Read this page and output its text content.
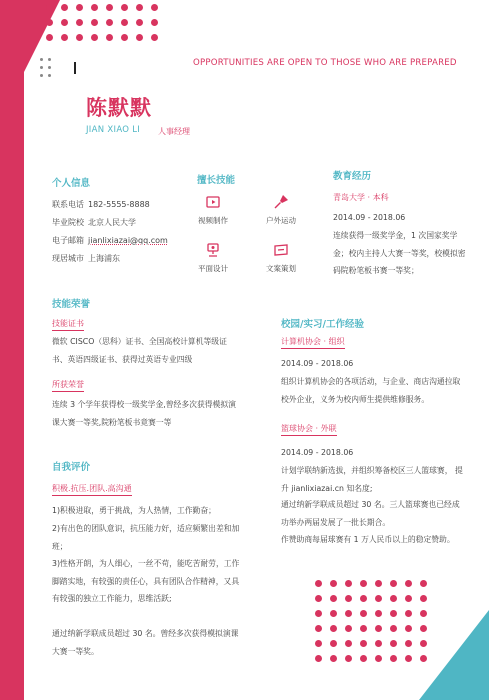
OPPORTUNITIES ARE OPEN TO THOSE WHO ARE PREPARED
陈默默
JIAN XIAO LI 人事经理
个人信息
联系电话 182-5555-8888
毕业院校 北京人民大学
电子邮箱 jianlixiazai@qq.com
现居城市 上海浦东
擅长技能
视频制作	户外运动
平面设计	文案策划
教育经历
青岛大学 · 本科
2014.09 - 2018.06
连续获得一级奖学金，1 次国家奖学金；校内主持人大赛一等奖，校模拟密码院粉笔板书赛一等奖；
技能荣誉
技能证书
微软 CISCO（思科）证书、全国高校计算机等级证书、英语四级证书、获得过英语专业四级
所获荣誉
连续 3 个学年获得校一级奖学金,曾经多次获得模拟演课大赛一等奖,院粉笔板书竟赛一等
自我评价
积极.抗压.团队.高沟通
1)积极进取，勇于挑战，为人热情，工作勤奋；
2)有出色的团队意识，抗压能力好，适应频繁出差和加班；
3)性格开朗，为人细心，一丝不苟，能吃苦耐劳，工作脚踏实地，有较强的责任心，具有团队合作精神，又具有较强的独立工作能力，思维活跃;
通过纳新学联成员超过 30 名。曾经多次获得模拟演课大赛一等奖。
校园/实习/工作经验
计算机协会 · 组织
2014.09 - 2018.06
组织计算机协会的各项活动，与企业、商店沟通拉取校外企业，义务为校内师生提供维修服务。
篮球协会 · 外联
2014.09 - 2018.06
计划学联纳新选拔，并组织筹备校区三人篮球赛， 提升 jianlixiazai.cn 知名度;
通过纳新学联成员超过 30 名。三人篮球赛也已经成功举办两届发展了一批长期合。
作赞助商每届球赛有 1 万人民币以上的稳定赞助。
